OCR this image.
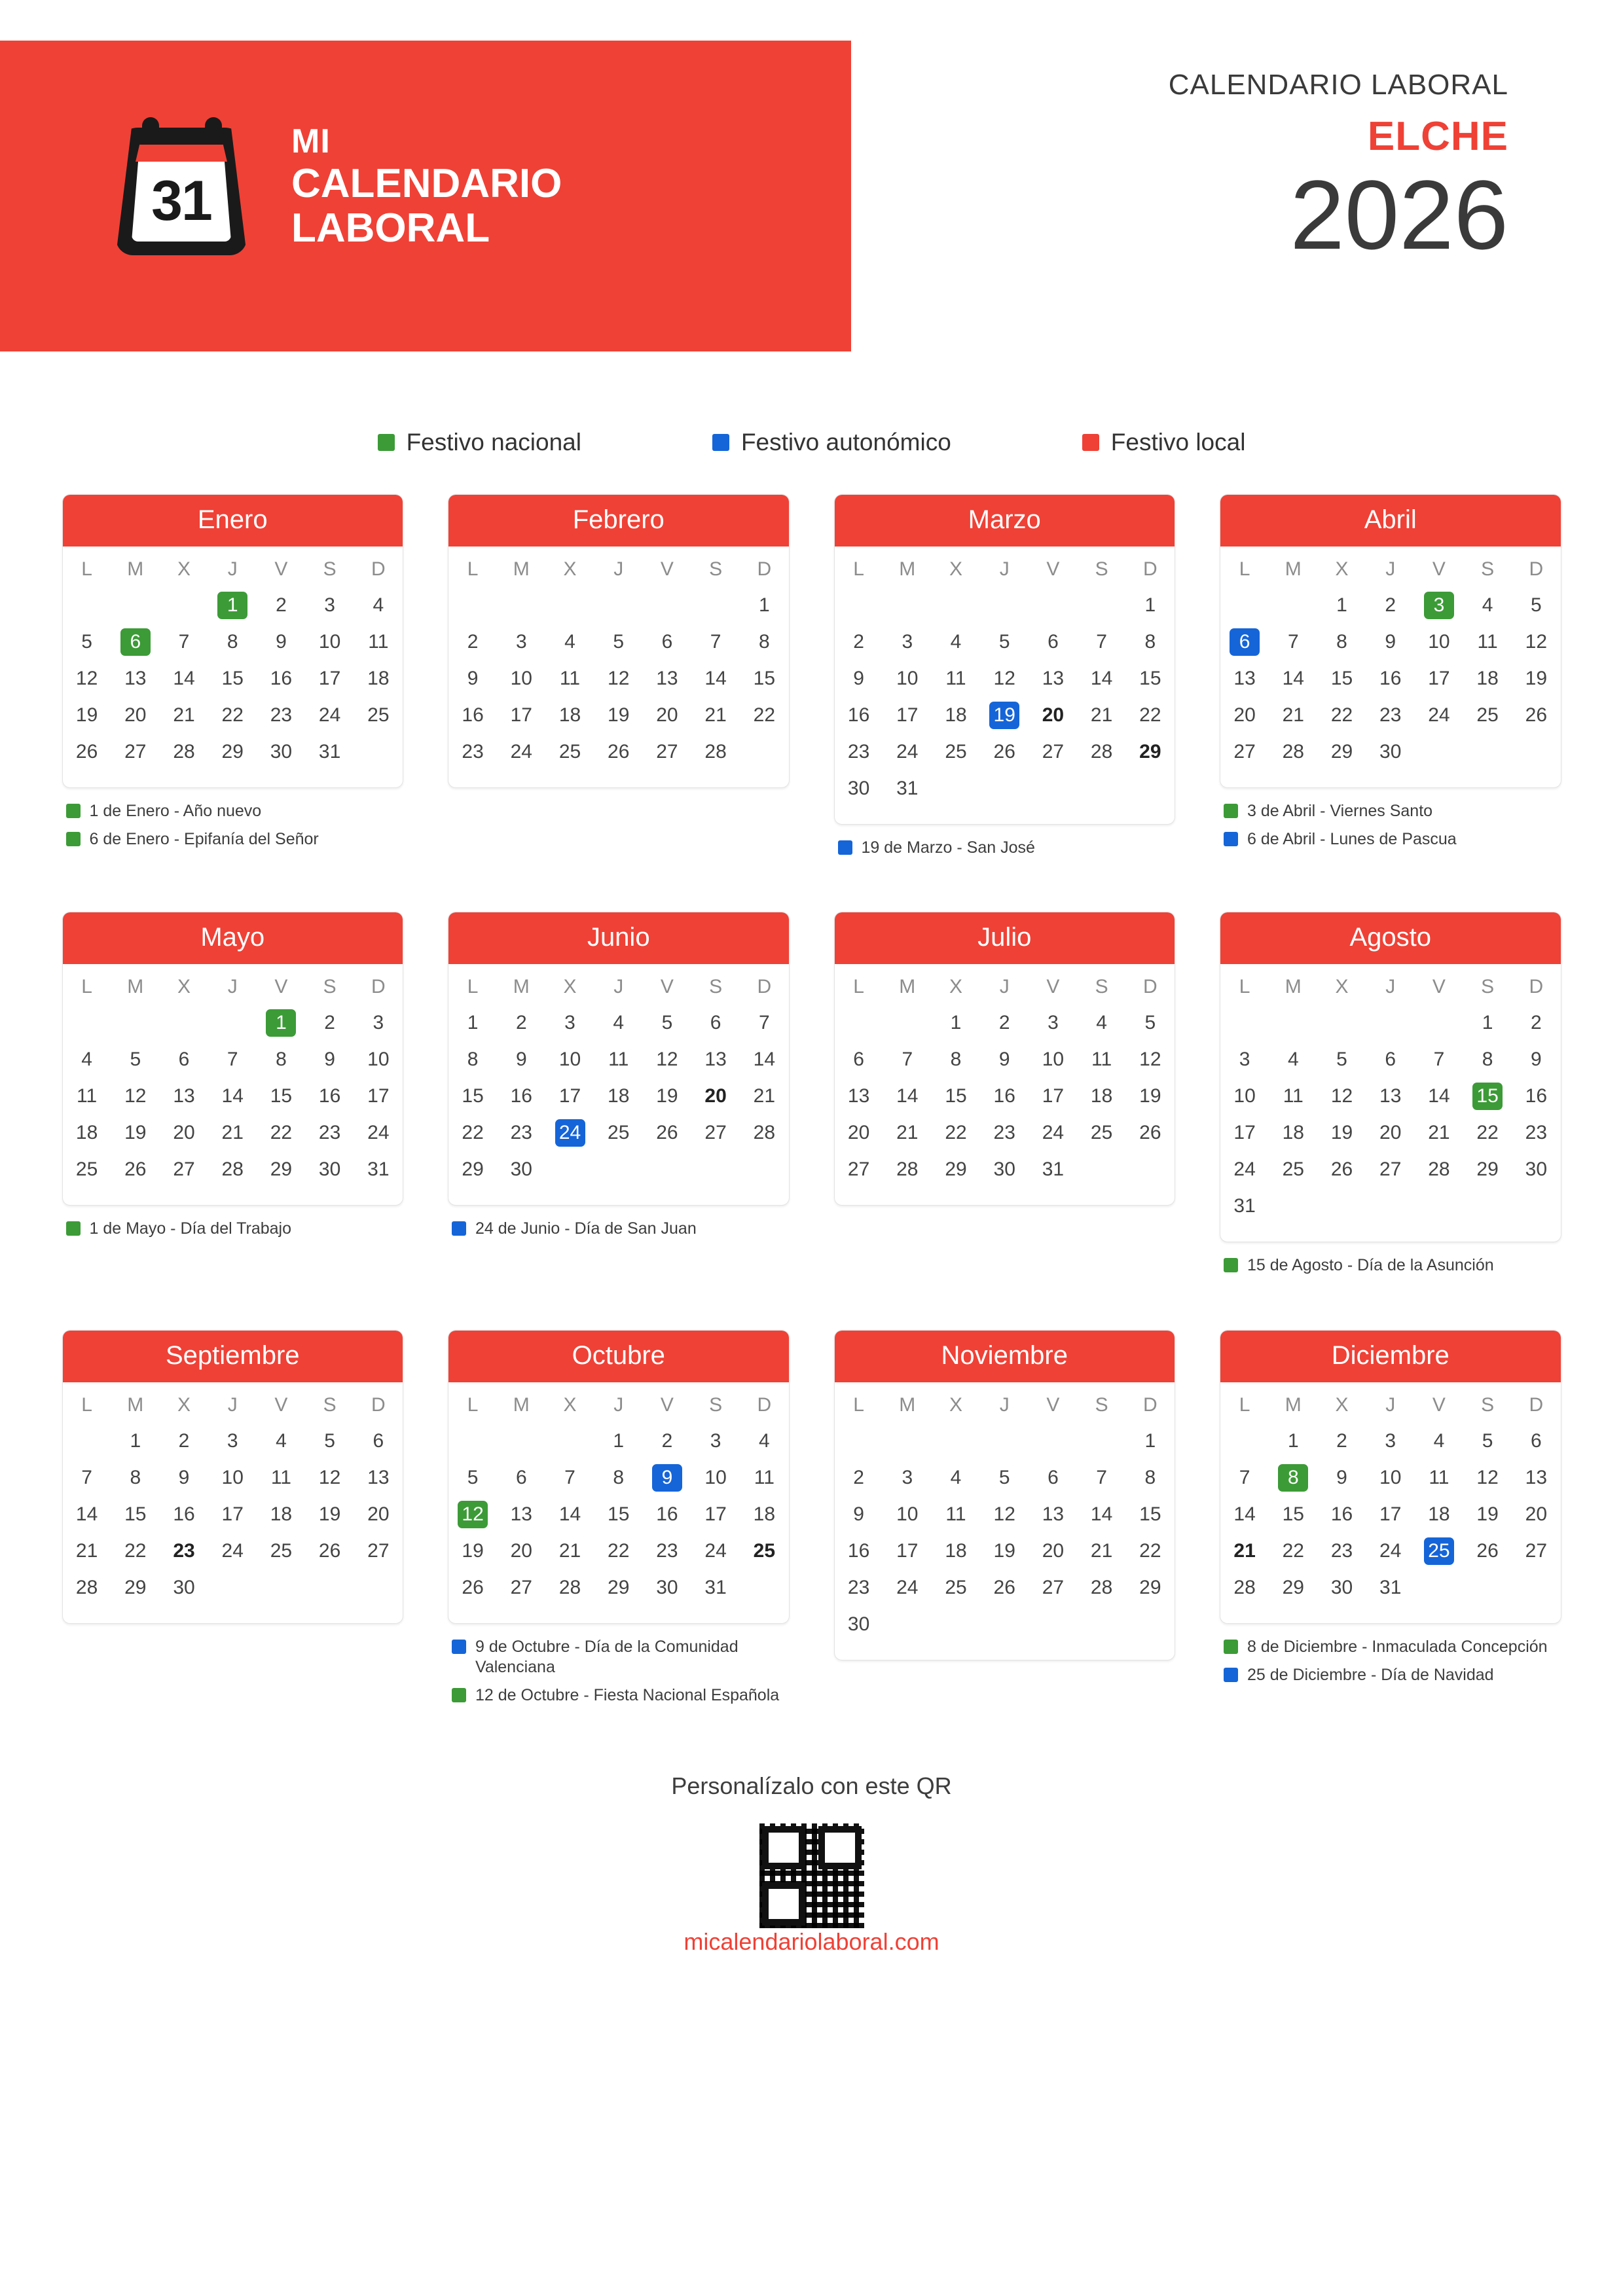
31
MI
CALENDARIO
LABORAL
CALENDARIO LABORAL
ELCHE
2026
Festivo nacional	Festivo autonómico	Festivo local
Enero
L	M	X	J	V	S	D
			1	2	3	4
5	6	7	8	9	10	11
12	13	14	15	16	17	18
19	20	21	22	23	24	25
26	27	28	29	30	31	
1 de Enero - Año nuevo
6 de Enero - Epifanía del Señor
Febrero
L	M	X	J	V	S	D
						1
2	3	4	5	6	7	8
9	10	11	12	13	14	15
16	17	18	19	20	21	22
23	24	25	26	27	28	
Marzo
L	M	X	J	V	S	D
						1
2	3	4	5	6	7	8
9	10	11	12	13	14	15
16	17	18	19	20	21	22
23	24	25	26	27	28	29
30	31					
19 de Marzo - San José
Abril
L	M	X	J	V	S	D
		1	2	3	4	5
6	7	8	9	10	11	12
13	14	15	16	17	18	19
20	21	22	23	24	25	26
27	28	29	30			
3 de Abril - Viernes Santo
6 de Abril - Lunes de Pascua
Mayo
L	M	X	J	V	S	D
				1	2	3
4	5	6	7	8	9	10
11	12	13	14	15	16	17
18	19	20	21	22	23	24
25	26	27	28	29	30	31
1 de Mayo - Día del Trabajo
Junio
L	M	X	J	V	S	D
1	2	3	4	5	6	7
8	9	10	11	12	13	14
15	16	17	18	19	20	21
22	23	24	25	26	27	28
29	30					
24 de Junio - Día de San Juan
Julio
L	M	X	J	V	S	D
		1	2	3	4	5
6	7	8	9	10	11	12
13	14	15	16	17	18	19
20	21	22	23	24	25	26
27	28	29	30	31		
Agosto
L	M	X	J	V	S	D
					1	2
3	4	5	6	7	8	9
10	11	12	13	14	15	16
17	18	19	20	21	22	23
24	25	26	27	28	29	30
31						
15 de Agosto - Día de la Asunción
Septiembre
L	M	X	J	V	S	D
	1	2	3	4	5	6
7	8	9	10	11	12	13
14	15	16	17	18	19	20
21	22	23	24	25	26	27
28	29	30				
Octubre
L	M	X	J	V	S	D
			1	2	3	4
5	6	7	8	9	10	11
12	13	14	15	16	17	18
19	20	21	22	23	24	25
26	27	28	29	30	31	
9 de Octubre - Día de la Comunidad Valenciana
12 de Octubre - Fiesta Nacional Española
Noviembre
L	M	X	J	V	S	D
						1
2	3	4	5	6	7	8
9	10	11	12	13	14	15
16	17	18	19	20	21	22
23	24	25	26	27	28	29
30						
Diciembre
L	M	X	J	V	S	D
	1	2	3	4	5	6
7	8	9	10	11	12	13
14	15	16	17	18	19	20
21	22	23	24	25	26	27
28	29	30	31			
8 de Diciembre - Inmaculada Concepción
25 de Diciembre - Día de Navidad
Personalízalo con este QR
micalendariolaboral.com
